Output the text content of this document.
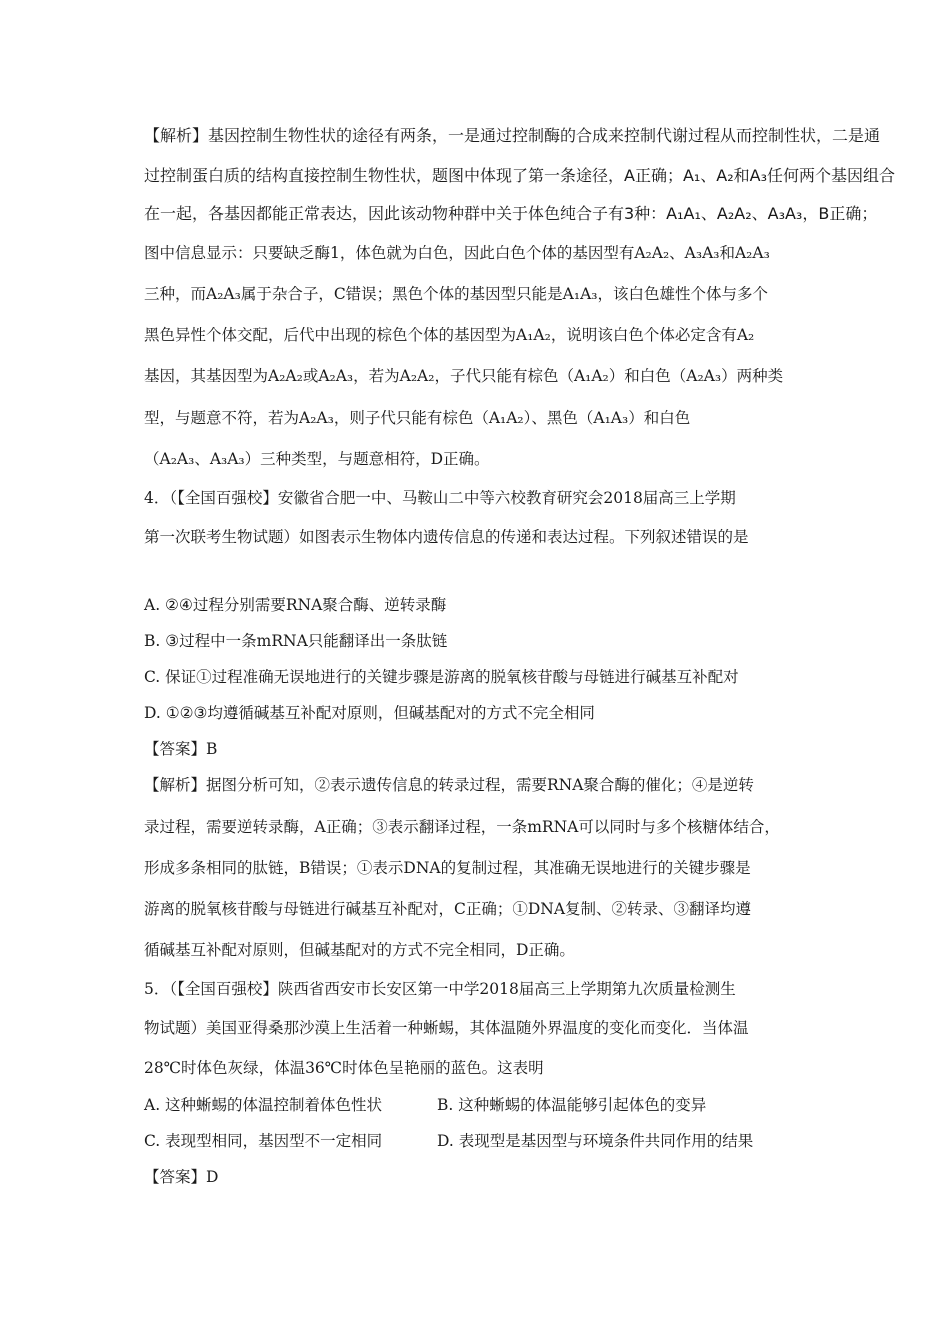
【解析】基因控制生物性状的途径有两条，一是通过控制酶的合成来控制代谢过程从而控制性状，二是通
过控制蛋白质的结构直接控制生物性状，题图中体现了第一条途径，A正确；A₁、A₂和A₃任何两个基因组合
在一起，各基因都能正常表达，因此该动物种群中关于体色纯合子有3种：A₁A₁、A₂A₂、A₃A₃，B正确；
图中信息显示：只要缺乏酶1，体色就为白色，因此白色个体的基因型有A₂A₂、A₃A₃和A₂A₃
三种，而A₂A₃属于杂合子，C错误；黑色个体的基因型只能是A₁A₃，该白色雄性个体与多个
黑色异性个体交配，后代中出现的棕色个体的基因型为A₁A₂，说明该白色个体必定含有A₂
基因，其基因型为A₂A₂或A₂A₃，若为A₂A₂，子代只能有棕色（A₁A₂）和白色（A₂A₃）两种类
型，与题意不符，若为A₂A₃，则子代只能有棕色（A₁A₂）、黑色（A₁A₃）和白色
（A₂A₃、A₃A₃）三种类型，与题意相符，D正确。
4．（【全国百强校】安徽省合肥一中、马鞍山二中等六校教育研究会2018届高三上学期
第一次联考生物试题）如图表示生物体内遗传信息的传递和表达过程。下列叙述错误的是
A. ②④过程分别需要RNA聚合酶、逆转录酶
B. ③过程中一条mRNA只能翻译出一条肽链
C. 保证①过程准确无误地进行的关键步骤是游离的脱氧核苷酸与母链进行碱基互补配对
D. ①②③均遵循碱基互补配对原则，但碱基配对的方式不完全相同
【答案】B
【解析】据图分析可知，②表示遗传信息的转录过程，需要RNA聚合酶的催化；④是逆转
录过程，需要逆转录酶，A正确；③表示翻译过程，一条mRNA可以同时与多个核糖体结合，
形成多条相同的肽链，B错误；①表示DNA的复制过程，其准确无误地进行的关键步骤是
游离的脱氧核苷酸与母链进行碱基互补配对，C正确；①DNA复制、②转录、③翻译均遵
循碱基互补配对原则，但碱基配对的方式不完全相同，D正确。
5．（【全国百强校】陕西省西安市长安区第一中学2018届高三上学期第九次质量检测生
物试题）美国亚得桑那沙漠上生活着一种蜥蜴，其体温随外界温度的变化而变化．当体温
28℃时体色灰绿，体温36℃时体色呈艳丽的蓝色。这表明
A. 这种蜥蜴的体温控制着体色性状	B. 这种蜥蜴的体温能够引起体色的变异
C. 表现型相同，基因型不一定相同	D. 表现型是基因型与环境条件共同作用的结果
【答案】D
